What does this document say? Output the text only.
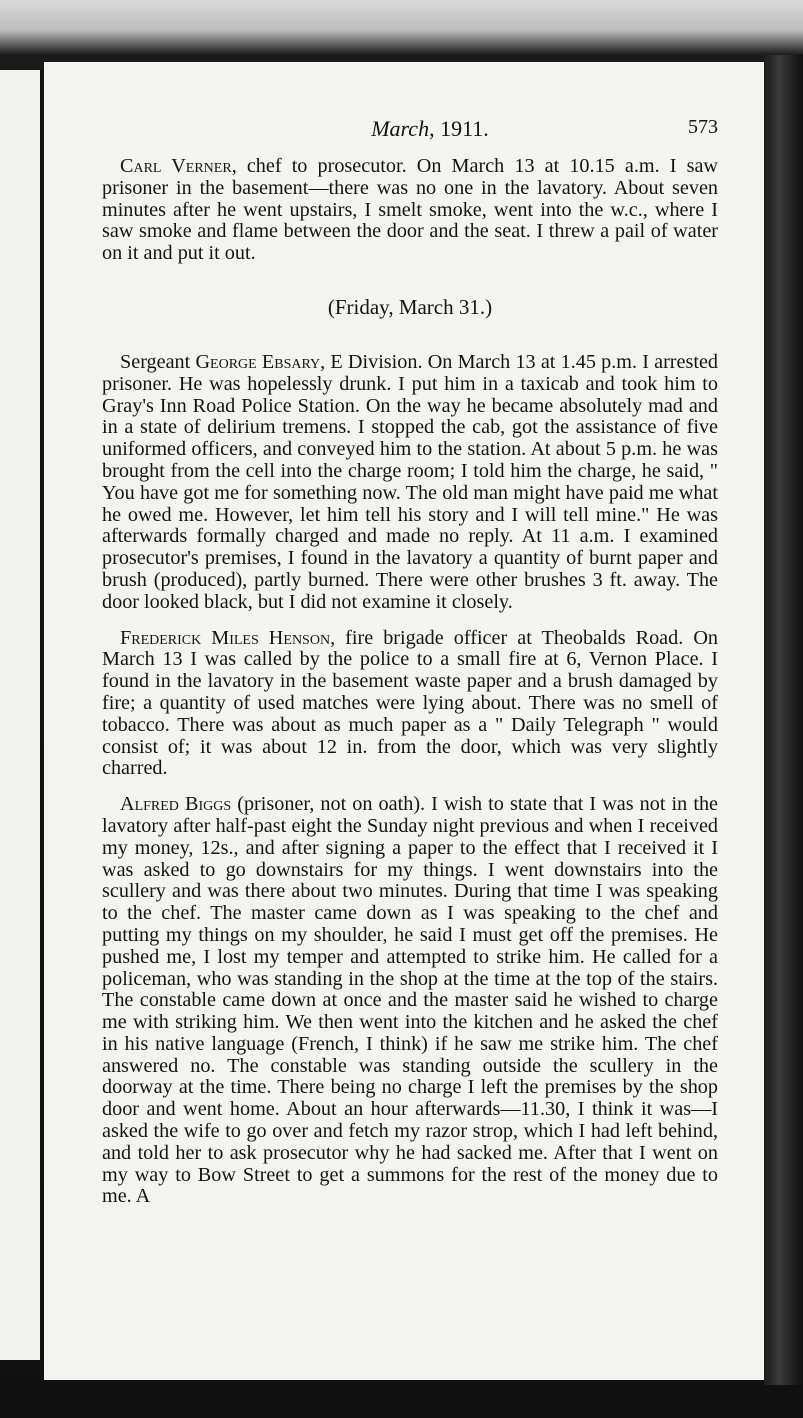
March, 1911.	573

Carl Verner, chef to prosecutor. On March 13 at 10.15 a.m. I saw prisoner in the basement—there was no one in the lavatory. About seven minutes after he went upstairs, I smelt smoke, went into the w.c., where I saw smoke and flame between the door and the seat. I threw a pail of water on it and put it out.

(Friday, March 31.)

Sergeant George Ebsary, E Division. On March 13 at 1.45 p.m. I arrested prisoner. He was hopelessly drunk. I put him in a taxicab and took him to Gray's Inn Road Police Station. On the way he became absolutely mad and in a state of delirium tremens. I stopped the cab, got the assistance of five uniformed officers, and conveyed him to the station. At about 5 p.m. he was brought from the cell into the charge room; I told him the charge, he said, " You have got me for something now. The old man might have paid me what he owed me. However, let him tell his story and I will tell mine." He was afterwards formally charged and made no reply. At 11 a.m. I examined prosecutor's premises, I found in the lavatory a quantity of burnt paper and brush (produced), partly burned. There were other brushes 3 ft. away. The door looked black, but I did not examine it closely.

Frederick Miles Henson, fire brigade officer at Theobalds Road. On March 13 I was called by the police to a small fire at 6, Vernon Place. I found in the lavatory in the basement waste paper and a brush damaged by fire; a quantity of used matches were lying about. There was no smell of tobacco. There was about as much paper as a " Daily Telegraph " would consist of; it was about 12 in. from the door, which was very slightly charred.

Alfred Biggs (prisoner, not on oath). I wish to state that I was not in the lavatory after half-past eight the Sunday night previous and when I received my money, 12s., and after signing a paper to the effect that I received it I was asked to go downstairs for my things. I went downstairs into the scullery and was there about two minutes. During that time I was speaking to the chef. The master came down as I was speaking to the chef and putting my things on my shoulder, he said I must get off the premises. He pushed me, I lost my temper and attempted to strike him. He called for a policeman, who was standing in the shop at the time at the top of the stairs. The constable came down at once and the master said he wished to charge me with striking him. We then went into the kitchen and he asked the chef in his native language (French, I think) if he saw me strike him. The chef answered no. The constable was standing outside the scullery in the doorway at the time. There being no charge I left the premises by the shop door and went home. About an hour afterwards—11.30, I think it was—I asked the wife to go over and fetch my razor strop, which I had left behind, and told her to ask prosecutor why he had sacked me. After that I went on my way to Bow Street to get a summons for the rest of the money due to me. A
